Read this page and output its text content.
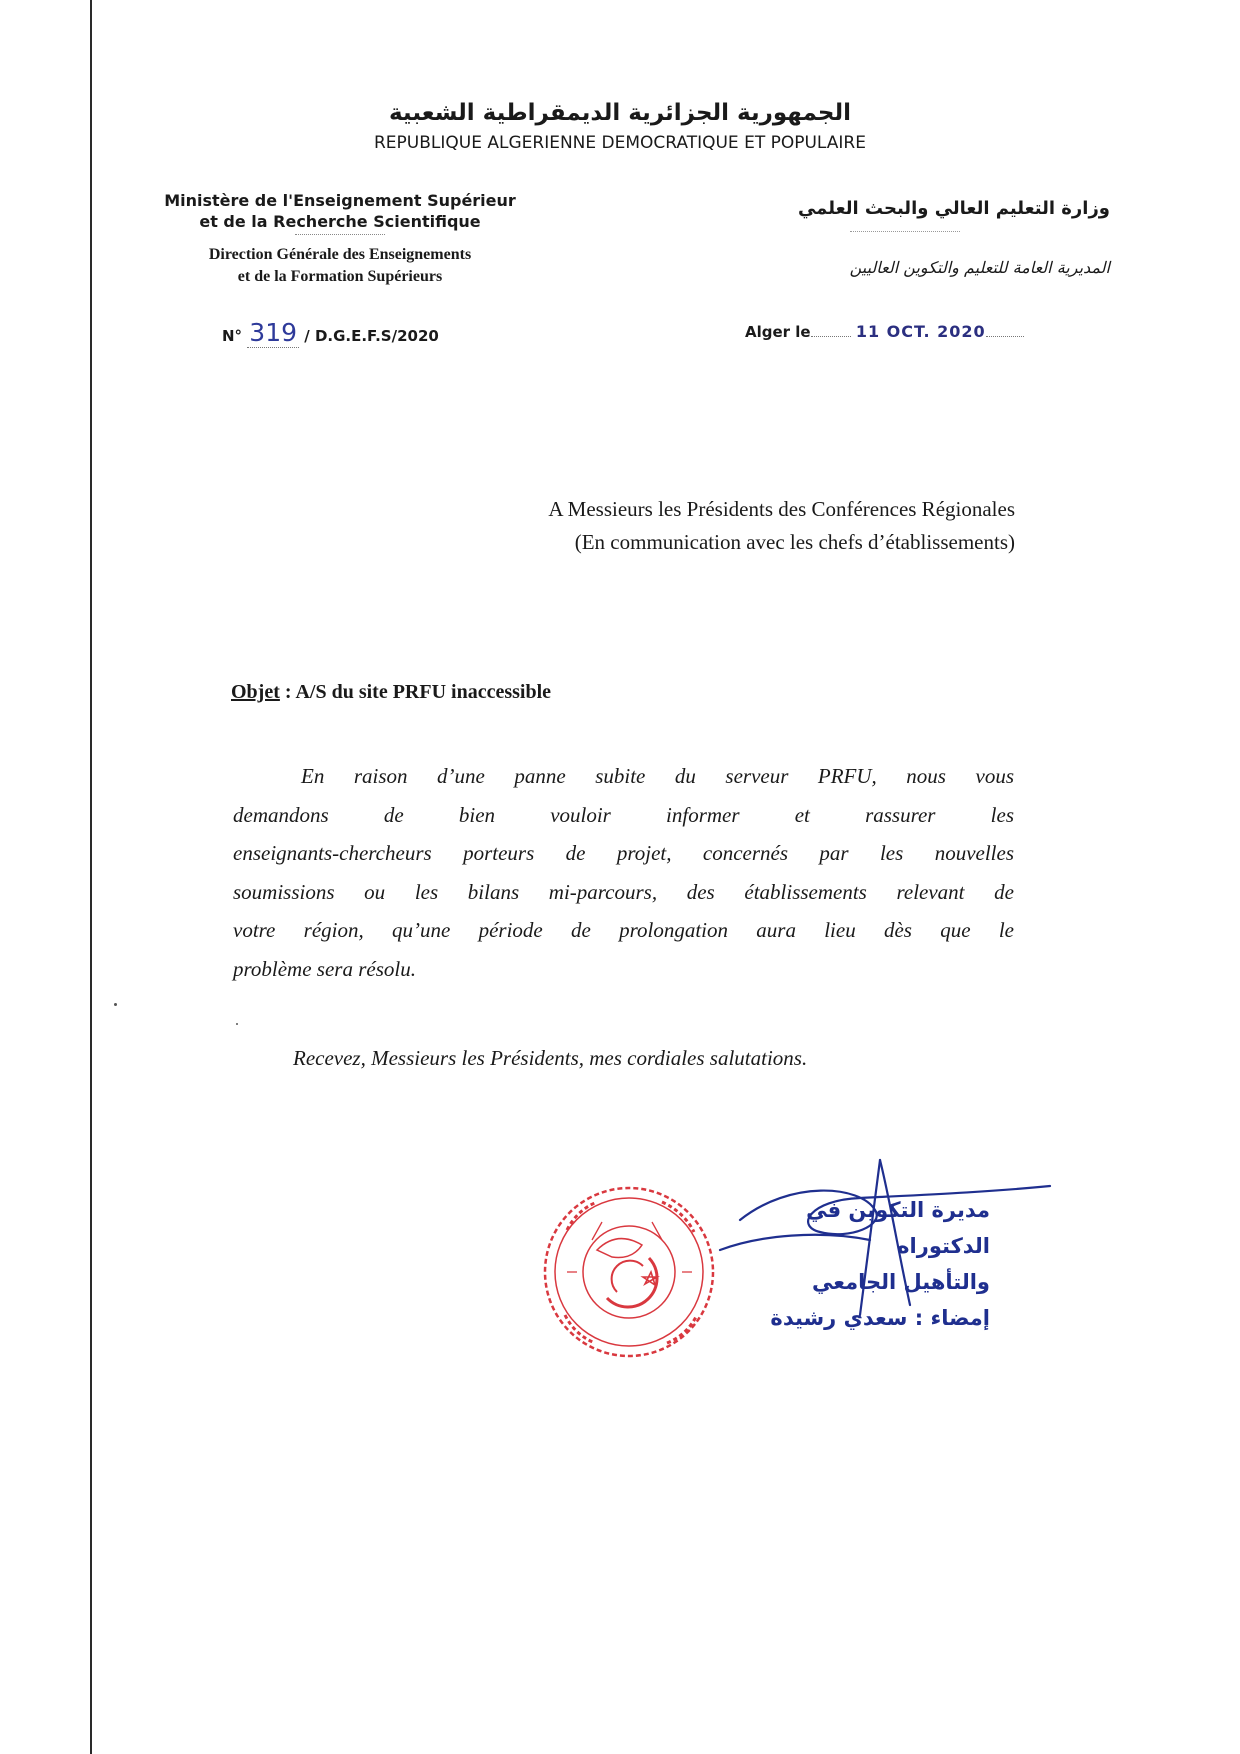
الجمهورية الجزائرية الديمقراطية الشعبية
REPUBLIQUE ALGERIENNE DEMOCRATIQUE ET POPULAIRE
Ministère de l'Enseignement Supérieur
et de la Recherche Scientifique
Direction Générale des Enseignements
et de la Formation Supérieurs
وزارة التعليم العالي والبحث العلمي
المديرية العامة للتعليم والتكوين العاليين
N° 319 / D.G.E.F.S/2020	Alger le	11 OCT. 2020
A Messieurs les Présidents des Conférences Régionales
(En communication avec les chefs d’établissements)
Objet : A/S du site PRFU inaccessible
En raison d’une panne subite du serveur PRFU, nous vous
demandons de bien vouloir informer et rassurer les
enseignants-chercheurs porteurs de projet, concernés par les nouvelles
soumissions ou les bilans mi-parcours, des établissements relevant de
votre région, qu’une période de prolongation aura lieu dès que le
problème sera résolu.
Recevez, Messieurs les Présidents, mes cordiales salutations.
مديرة التكوين في الدكتوراه
والتأهيل الجامعي
إمضاء : سعدي رشيدة
